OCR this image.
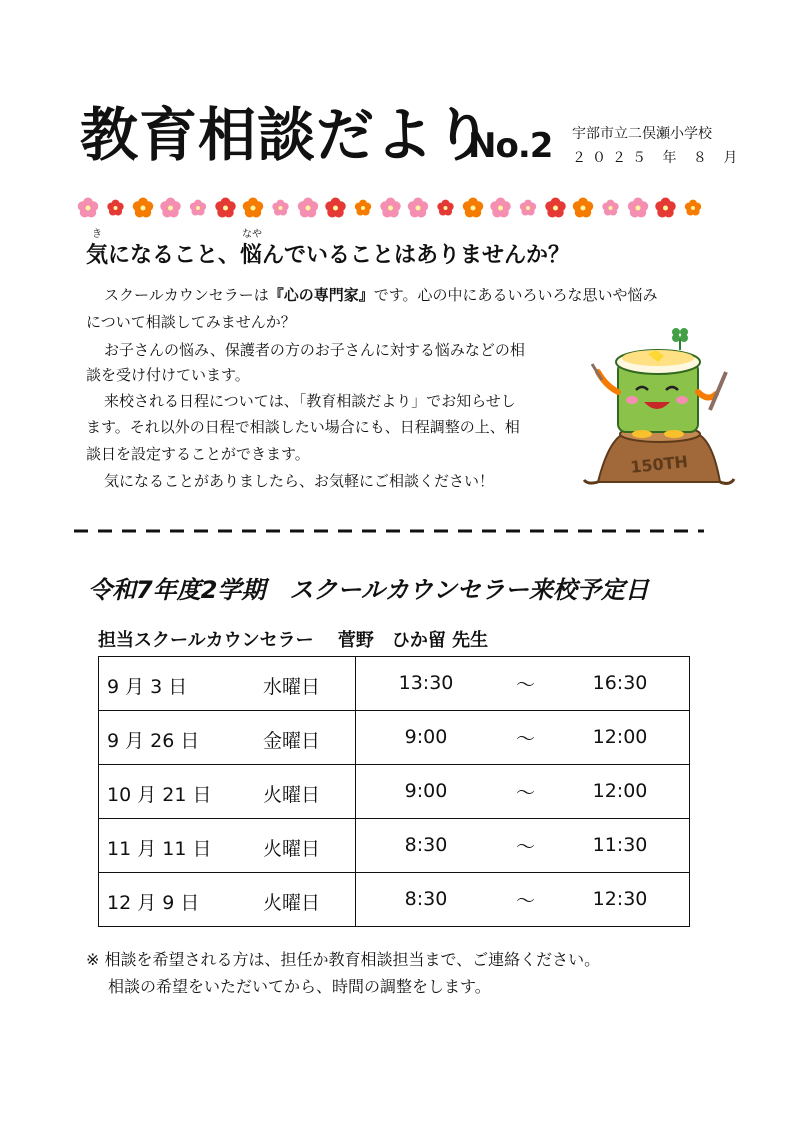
教育相談だより
No.2 宇部市立二俣瀬小学校
２０２５ 年 ８ 月
き
気になること、
なや
悩んでいることはありませんか？
スクールカウンセラーは『心の専門家』です。心の中にあるいろいろな思いや悩み
について相談してみませんか？
お子さんの悩み、保護者の方のお子さんに対する悩みなどの相
談を受け付けています。
来校される日程については、「教育相談だより」でお知らせし
ます。それ以外の日程で相談したい場合にも、日程調整の上、相
談日を設定することができます。
気になることがありましたら、お気軽にご相談ください！
150TH
令和7年度2学期　スクールカウンセラー来校予定日
担当スクールカウンセラー　 菅野　ひか留 先生
9 月 3 日 水曜日	13:30 ～ 16:30

9 月 26 日 金曜日	9:00 ～ 12:00

10 月 21 日 火曜日	9:00 ～ 12:00

11 月 11 日 火曜日	8:30 ～ 11:30

12 月 9 日 火曜日	8:30 ～ 12:30
※ 相談を希望される方は、担任か教育相談担当まで、ご連絡ください。
相談の希望をいただいてから、時間の調整をします。
